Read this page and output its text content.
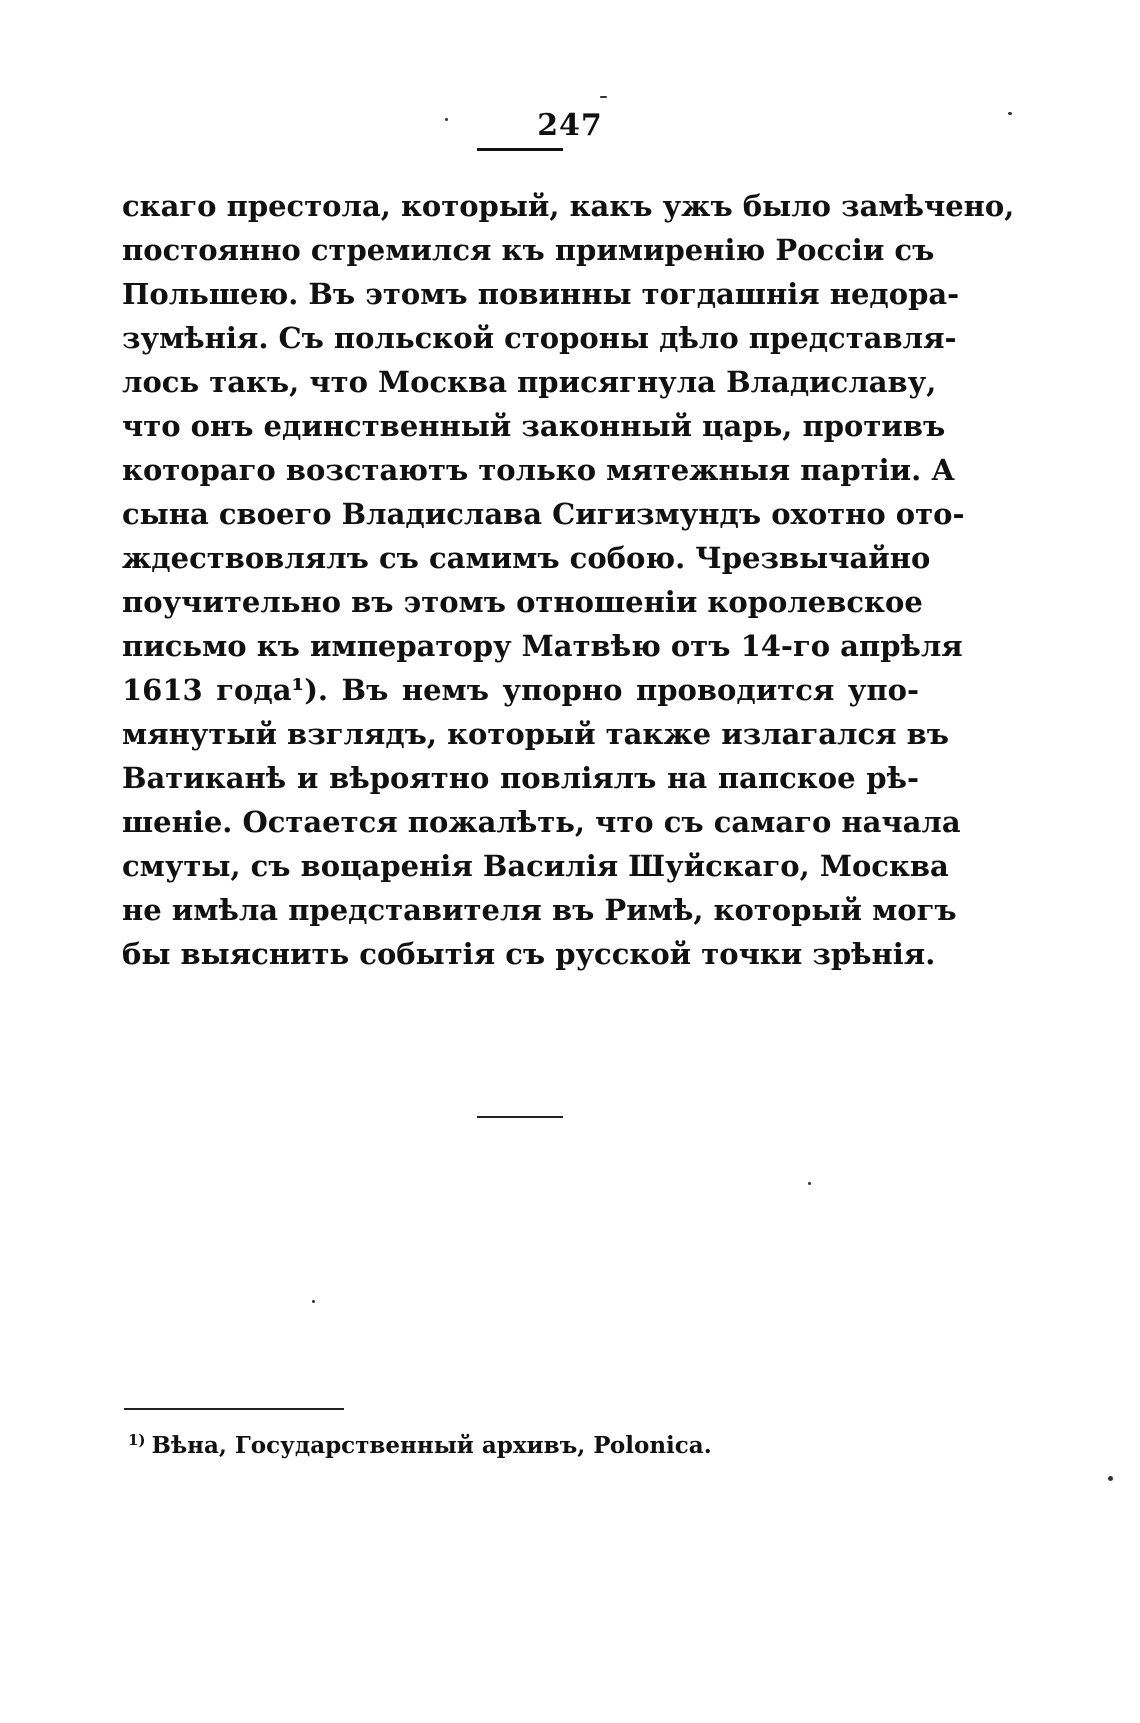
247
скаго престола, который, какъ ужъ было замѣчено,
постоянно стремился къ примиренію Россіи съ
Польшею. Въ этомъ повинны тогдашнія недора-
зумѣнія. Съ польской стороны дѣло представля-
лось такъ, что Москва присягнула Владиславу,
что онъ единственный законный царь, противъ
котораго возстаютъ только мятежныя партіи. А
сына своего Владислава Сигизмундъ охотно ото-
ждествовлялъ съ самимъ собою. Чрезвычайно
поучительно въ этомъ отношеніи королевское
письмо къ императору Матвѣю отъ 14-го апрѣля
1613 года¹). Въ немъ упорно проводится упо-
мянутый взглядъ, который также излагался въ
Ватиканѣ и вѣроятно повліялъ на папское рѣ-
шеніе. Остается пожалѣть, что съ самаго начала
смуты, съ воцаренія Василія Шуйскаго, Москва
не имѣла представителя въ Римѣ, который могъ
бы выяснить событія съ русской точки зрѣнія.
$^{1)}$ Вѣна, Государственный архивъ, Polonica.
